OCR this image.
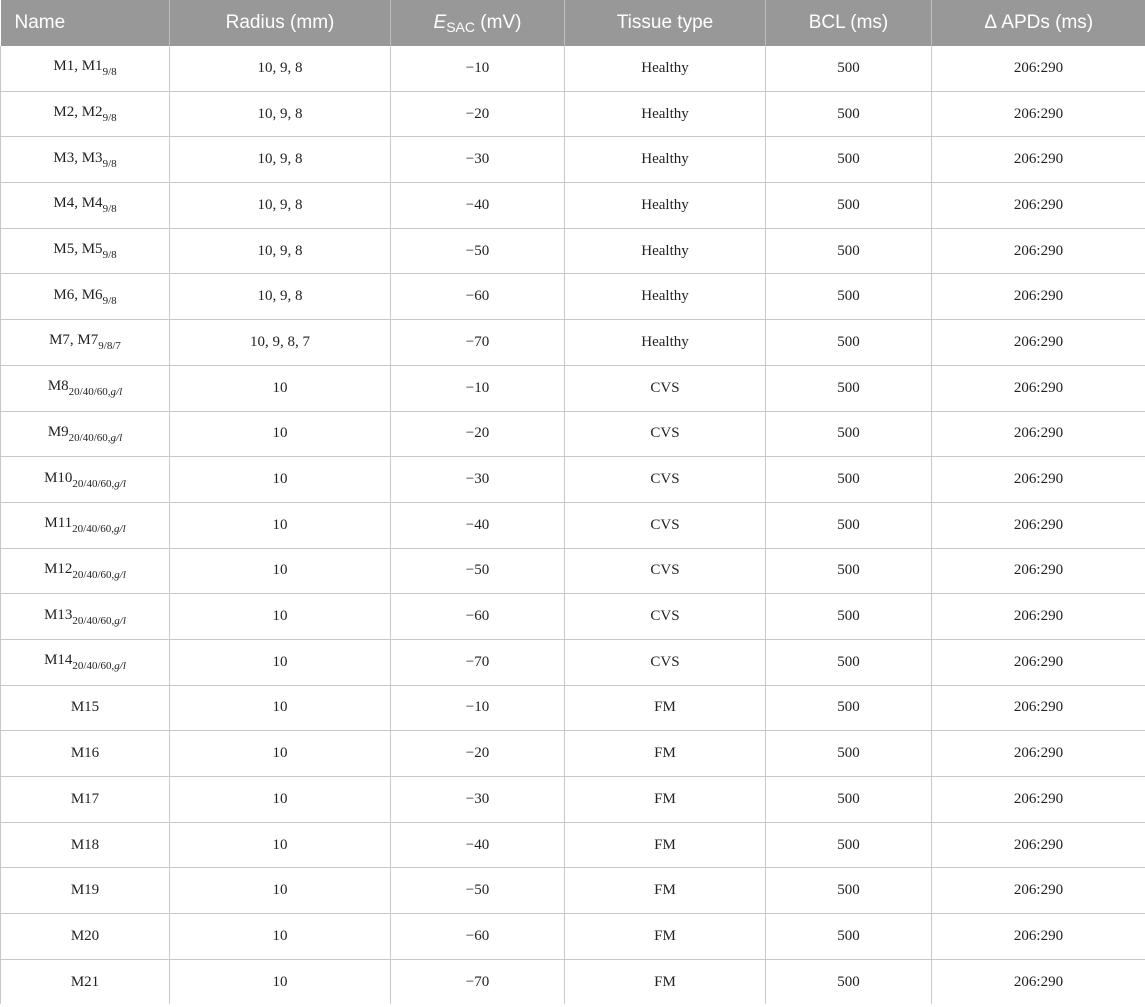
Name	Radius (mm)	$E_{SAC}$ (mV)	Tissue type	BCL (ms)	Δ APDs (ms)
M1, $M1_{9/8}$	10, 9, 8	−10	Healthy	500	206:290
M2, $M2_{9/8}$	10, 9, 8	−20	Healthy	500	206:290
M3, $M3_{9/8}$	10, 9, 8	−30	Healthy	500	206:290
M4, $M4_{9/8}$	10, 9, 8	−40	Healthy	500	206:290
M5, $M5_{9/8}$	10, 9, 8	−50	Healthy	500	206:290
M6, $M6_{9/8}$	10, 9, 8	−60	Healthy	500	206:290
M7, $M7_{9/8/7}$	10, 9, 8, 7	−70	Healthy	500	206:290
$M8_{20/40/60,g/l}$	10	−10	CVS	500	206:290
$M9_{20/40/60,g/l}$	10	−20	CVS	500	206:290
$M10_{20/40/60,g/l}$	10	−30	CVS	500	206:290
$M11_{20/40/60,g/l}$	10	−40	CVS	500	206:290
$M12_{20/40/60,g/l}$	10	−50	CVS	500	206:290
$M13_{20/40/60,g/l}$	10	−60	CVS	500	206:290
$M14_{20/40/60,g/l}$	10	−70	CVS	500	206:290
M15	10	−10	FM	500	206:290
M16	10	−20	FM	500	206:290
M17	10	−30	FM	500	206:290
M18	10	−40	FM	500	206:290
M19	10	−50	FM	500	206:290
M20	10	−60	FM	500	206:290
M21	10	−70	FM	500	206:290
